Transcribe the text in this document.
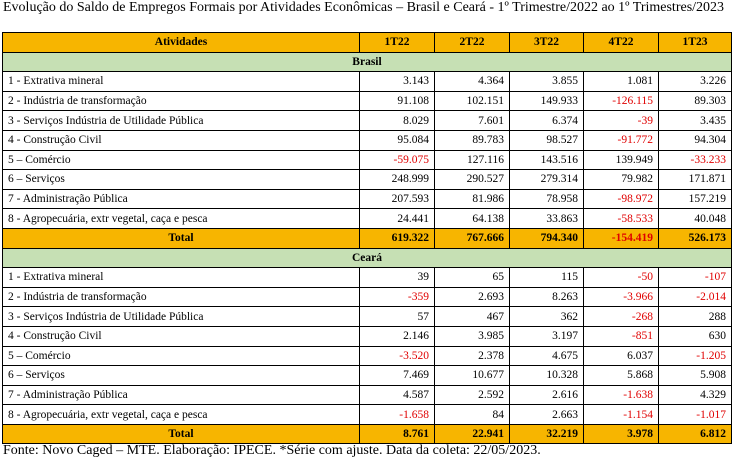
Evolução do Saldo de Empregos Formais por Atividades Econômicas – Brasil e Ceará - 1º Trimestre/2022 ao 1º Trimestres/2023
Atividades	1T22	2T22	3T22	4T22	1T23
Brasil					
1 - Extrativa mineral	3.143	4.364	3.855	1.081	3.226
2 - Indústria de transformação	91.108	102.151	149.933	-126.115	89.303
3 - Serviços Indústria de Utilidade Pública	8.029	7.601	6.374	-39	3.435
4 - Construção Civil	95.084	89.783	98.527	-91.772	94.304
5 – Comércio	-59.075	127.116	143.516	139.949	-33.233
6 – Serviços	248.999	290.527	279.314	79.982	171.871
7 - Administração Pública	207.593	81.986	78.958	-98.972	157.219
8 - Agropecuária, extr vegetal, caça e pesca	24.441	64.138	33.863	-58.533	40.048
Total	619.322	767.666	794.340	-154.419	526.173
Ceará					
1 - Extrativa mineral	39	65	115	-50	-107
2 - Indústria de transformação	-359	2.693	8.263	-3.966	-2.014
3 - Serviços Indústria de Utilidade Pública	57	467	362	-268	288
4 - Construção Civil	2.146	3.985	3.197	-851	630
5 – Comércio	-3.520	2.378	4.675	6.037	-1.205
6 – Serviços	7.469	10.677	10.328	5.868	5.908
7 - Administração Pública	4.587	2.592	2.616	-1.638	4.329
8 - Agropecuária, extr vegetal, caça e pesca	-1.658	84	2.663	-1.154	-1.017
Total	8.761	22.941	32.219	3.978	6.812
Fonte: Novo Caged – MTE. Elaboração: IPECE. *Série com ajuste. Data da coleta: 22/05/2023.
